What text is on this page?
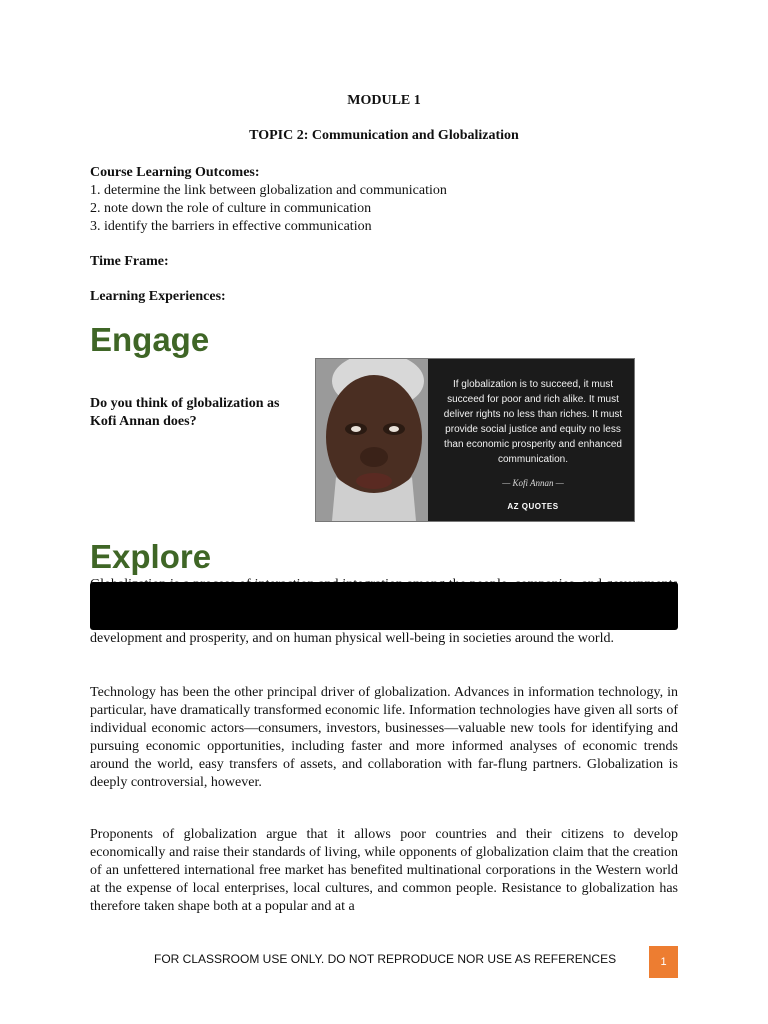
MODULE 1
TOPIC 2: Communication and Globalization
Course Learning Outcomes:
1. determine the link between globalization and communication
2. note down the role of culture in communication
3. identify the barriers in effective communication
Time Frame:
Learning Experiences:
Engage
Do you think of globalization as Kofi Annan does?
If globalization is to succeed, it must succeed for poor and rich alike. It must deliver rights no less than riches. It must provide social justice and equity no less than economic prosperity and enhanced communication.
— Kofi Annan —
AZ QUOTES
Explore

development and prosperity, and on human physical well-being in societies around the world.

Technology has been the other principal driver of globalization. Advances in information technology, in particular, have dramatically transformed economic life. Information technologies have given all sorts of individual economic actors—consumers, investors, businesses—valuable new tools for identifying and pursuing economic opportunities, including faster and more informed analyses of economic trends around the world, easy transfers of assets, and collaboration with far-flung partners. Globalization is deeply controversial, however.

Proponents of globalization argue that it allows poor countries and their citizens to develop economically and raise their standards of living, while opponents of globalization claim that the creation of an unfettered international free market has benefited multinational corporations in the Western world at the expense of local enterprises, local cultures, and common people. Resistance to globalization has therefore taken shape both at a popular and at a

FOR CLASSROOM USE ONLY. DO NOT REPRODUCE NOR USE AS REFERENCES	1
